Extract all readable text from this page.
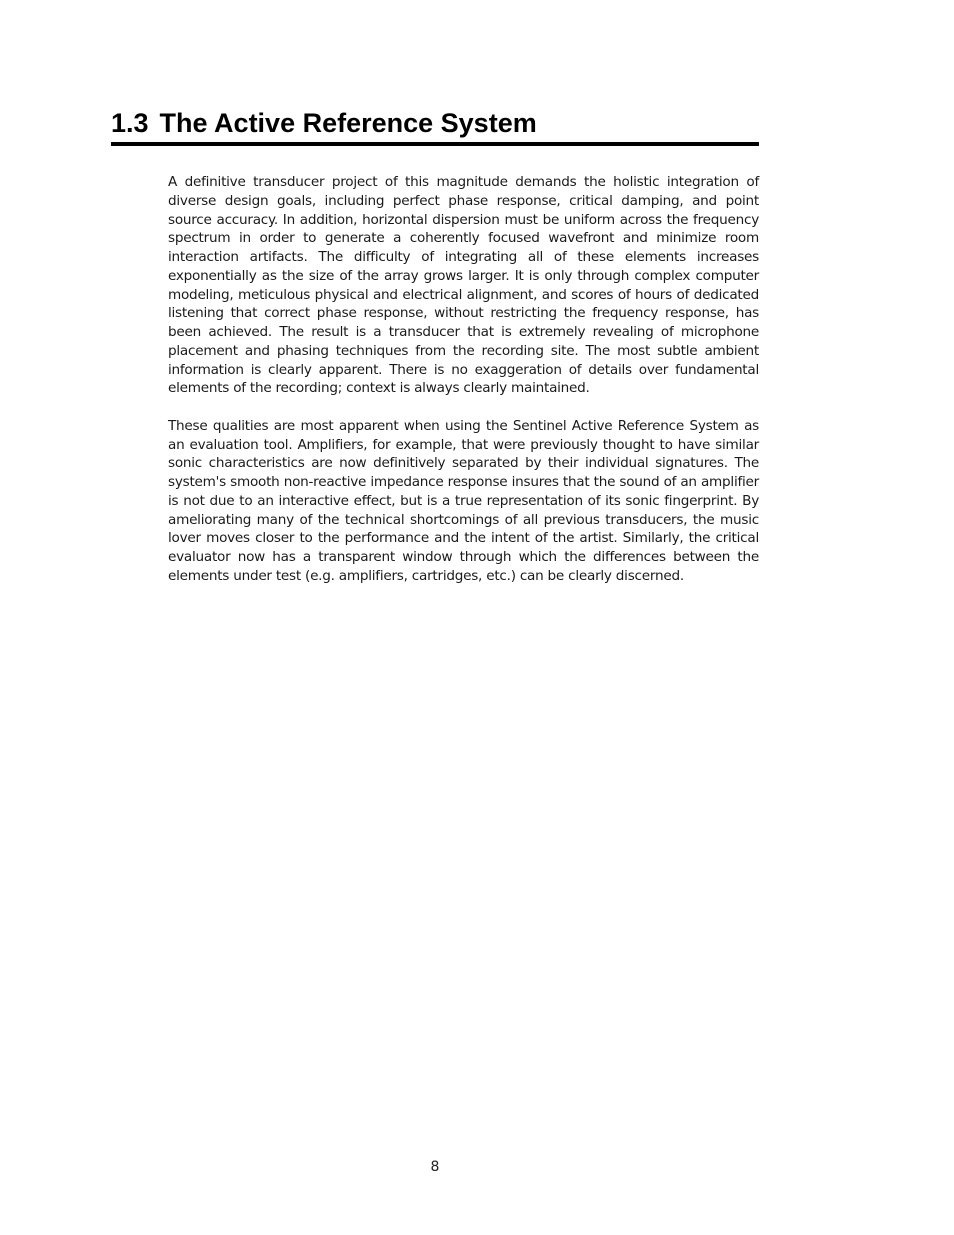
1.3 The Active Reference System

A definitive transducer project of this magnitude demands the holistic integration of diverse design goals, including perfect phase response, critical damping, and point source accuracy. In addition, horizontal dispersion must be uniform across the frequency spectrum in order to generate a coherently focused wavefront and minimize room interaction artifacts. The difficulty of integrating all of these elements increases exponentially as the size of the array grows larger. It is only through complex computer modeling, meticulous physical and electrical alignment, and scores of hours of dedicated listening that correct phase response, without restricting the frequency response, has been achieved. The result is a transducer that is extremely revealing of microphone placement and phasing techniques from the recording site. The most subtle ambient information is clearly apparent. There is no exaggeration of details over fundamental elements of the recording; context is always clearly maintained.

These qualities are most apparent when using the Sentinel Active Reference System as an evaluation tool. Amplifiers, for example, that were previously thought to have similar sonic characteristics are now definitively separated by their individual signatures. The system's smooth non-reactive impedance response insures that the sound of an amplifier is not due to an interactive effect, but is a true representation of its sonic fingerprint. By ameliorating many of the technical shortcomings of all previous transducers, the music lover moves closer to the performance and the intent of the artist. Similarly, the critical evaluator now has a transparent window through which the differences between the elements under test (e.g. amplifiers, cartridges, etc.) can be clearly discerned.

8
